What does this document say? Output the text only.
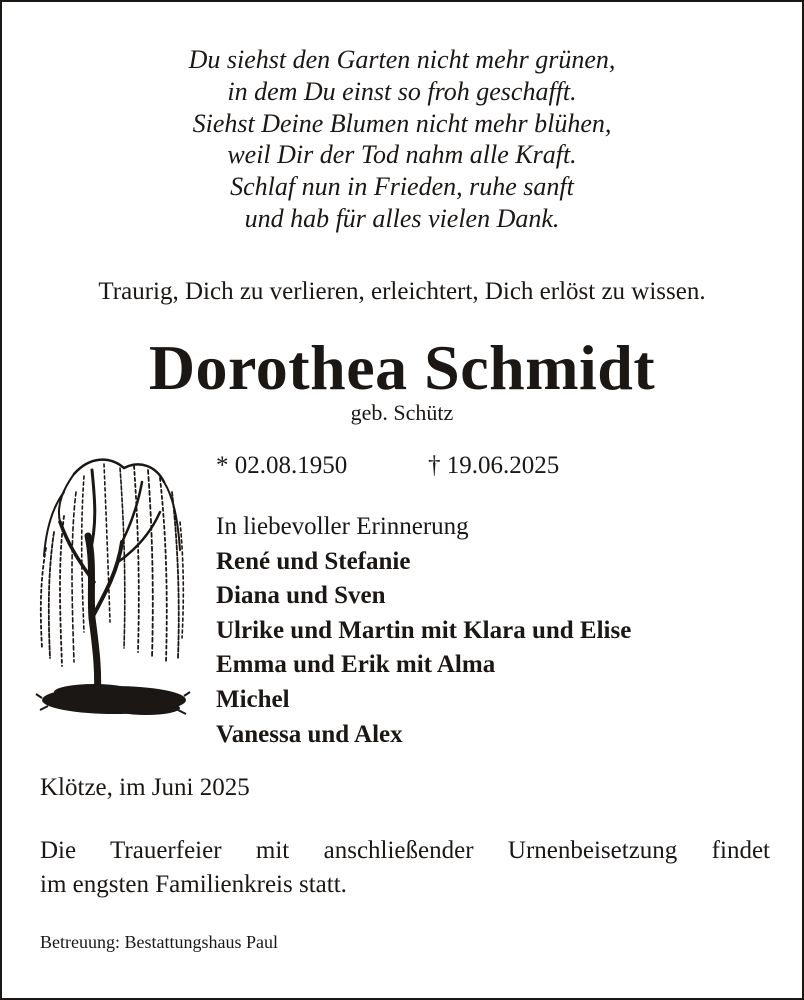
Du siehst den Garten nicht mehr grünen,
in dem Du einst so froh geschafft.
Siehst Deine Blumen nicht mehr blühen,
weil Dir der Tod nahm alle Kraft.
Schlaf nun in Frieden, ruhe sanft
und hab für alles vielen Dank.
Traurig, Dich zu verlieren, erleichtert, Dich erlöst zu wissen.
Dorothea Schmidt
geb. Schütz
* 02.08.1950	† 19.06.2025
In liebevoller Erinnerung
René und Stefanie
Diana und Sven
Ulrike und Martin mit Klara und Elise
Emma und Erik mit Alma
Michel
Vanessa und Alex
Klötze, im Juni 2025
Die Trauerfeier mit anschließender Urnenbeisetzung findet
im engsten Familienkreis statt.
Betreuung: Bestattungshaus Paul
